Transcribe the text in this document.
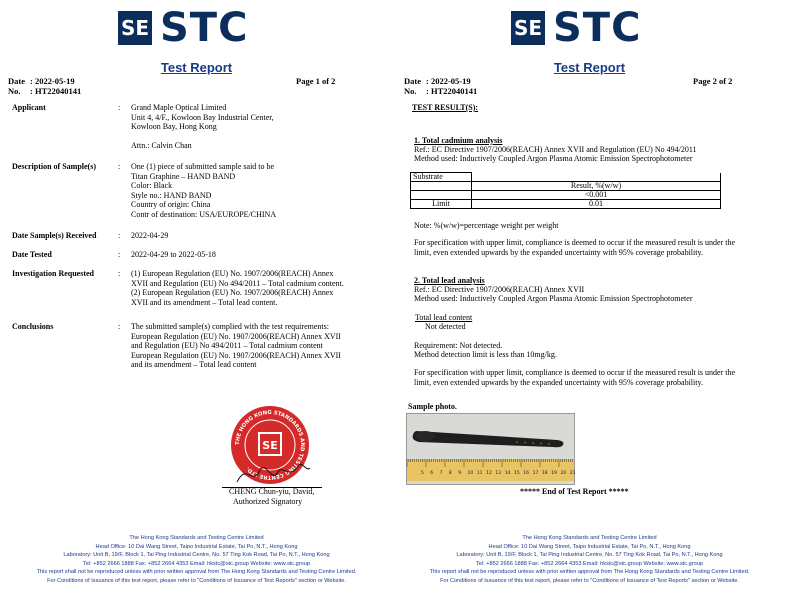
SE STC
Test Report
Date : 2022-05-19
No. : HT22040141
Page 1 of 2
Applicant	: Grand Maple Optical Limited
Unit 4, 4/F., Kowloon Bay Industrial Center,
Kowloon Bay, Hong Kong
Attn.: Calvin Chan
Description of Sample(s)	: One (1) piece of submitted sample said to be
Titan Graphine – HAND BAND
Color: Black
Style no.: HAND BAND
Country of origin: China
Contr of destination: USA/EUROPE/CHINA
Date Sample(s) Received	: 2022-04-29
Date Tested	: 2022-04-29 to 2022-05-18
Investigation Requested	: (1) European Regulation (EU) No. 1907/2006(REACH) Annex
XVII and Regulation (EU) No 494/2011 – Total cadmium content.
(2) European Regulation (EU) No. 1907/2006(REACH) Annex
XVII and its amendment – Total lead content.
Conclusions	: The submitted sample(s) complied with the test requirements:
European Regulation (EU) No. 1907/2006(REACH) Annex XVII
and Regulation (EU) No 494/2011 – Total cadmium content
European Regulation (EU) No. 1907/2006(REACH) Annex XVII
and its amendment – Total lead content
THE HONG KONG STANDARDS AND TESTING CENTRE LTD.
SE
CHENG Chun-yiu, David,
Authorized Signatory
The Hong Kong Standards and Testing Centre Limited
Head Office: 10 Dai Wang Street, Taipo Industrial Estate, Tai Po, N.T., Hong Kong
Laboratory: Unit B, 19/F, Block 1, Tai Ping Industrial Centre, No. 57 Ting Kok Road, Tai Po, N.T., Hong Kong
Tel: +852 2666 1888 Fax: +852 2664 4353 Email: hkstc@stc.group Website: www.stc.group
This report shall not be reproduced unless with prior written approval from The Hong Kong Standards and Testing Centre Limited.
For Conditions of Issuance of this test report, please refer to "Conditions of Issuance of Test Reports" section or Website.
SE STC
Test Report
Date : 2022-05-19
No. : HT22040141
Page 2 of 2
TEST RESULT(S):
1. Total cadmium analysis
Ref.: EC Directive 1907/2006(REACH) Annex XVII and Regulation (EU) No 494/2011
Method used: Inductively Coupled Argon Plasma Atomic Emission Spectrophotometer
Note: %(w/w)=percentage weight per weight
For specification with upper limit, compliance is deemed to occur if the measured result is under the
limit, even extended upwards by the expanded uncertainty with 95% coverage probability.
2. Total lead analysis
Ref.: EC Directive 1907/2006(REACH) Annex XVII
Method used: Inductively Coupled Argon Plasma Atomic Emission Spectrophotometer
Total lead content
Not detected
Requirement: Not detected.
Method detection limit is less than 10mg/kg.
For specification with upper limit, compliance is deemed to occur if the measured result is under the
limit, even extended upwards by the expanded uncertainty with 95% coverage probability.
Sample photo.
***** End of Test Report *****
The Hong Kong Standards and Testing Centre Limited
Head Office: 10 Dai Wang Street, Taipo Industrial Estate, Tai Po, N.T., Hong Kong
Laboratory: Unit B, 19/F, Block 1, Tai Ping Industrial Centre, No. 57 Ting Kok Road, Tai Po, N.T., Hong Kong
Tel: +852 2666 1888 Fax: +852 2664 4353 Email: hkstc@stc.group Website: www.stc.group
This report shall not be reproduced unless with prior written approval from The Hong Kong Standards and Testing Centre Limited.
For Conditions of Issuance of this test report, please refer to "Conditions of Issuance of Test Reports" section or Website.
Substrate	
	Result, %(w/w)
	<0.001
Limit	0.01
5 6 7 8 9 10 11 12 13 14 15 16 17 18 19 20 21
